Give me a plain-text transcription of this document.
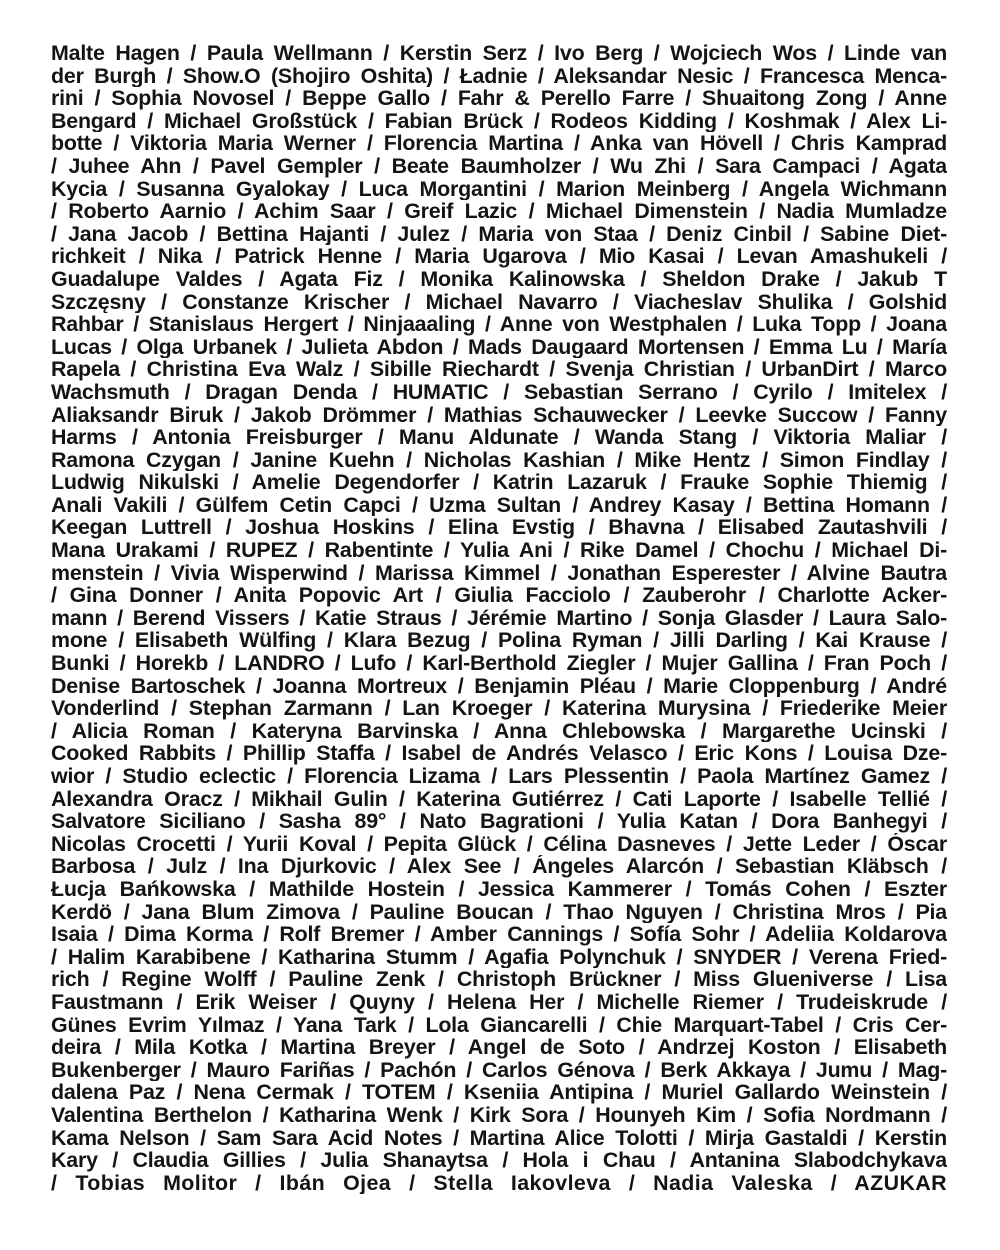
Malte Hagen / Paula Wellmann / Kerstin Serz / Ivo Berg / Wojciech Wos / Linde van
der Burgh / Show.O (Shojiro Oshita) / Ładnie / Aleksandar Nesic / Francesca Menca-
rini / Sophia Novosel / Beppe Gallo / Fahr & Perello Farre / Shuaitong Zong / Anne
Bengard / Michael Großstück / Fabian Brück / Rodeos Kidding / Koshmak / Alex Li-
botte / Viktoria Maria Werner / Florencia Martina / Anka van Hövell / Chris Kamprad
/ Juhee Ahn / Pavel Gempler / Beate Baumholzer / Wu Zhi / Sara Campaci / Agata
Kycia / Susanna Gyalokay / Luca Morgantini / Marion Meinberg / Angela Wichmann
/ Roberto Aarnio / Achim Saar / Greif Lazic / Michael Dimenstein / Nadia Mumladze
/ Jana Jacob / Bettina Hajanti / Julez / Maria von Staa / Deniz Cinbil / Sabine Diet-
richkeit / Nika / Patrick Henne / Maria Ugarova / Mio Kasai / Levan Amashukeli /
Guadalupe Valdes / Agata Fiz / Monika Kalinowska / Sheldon Drake / Jakub T
Szczęsny / Constanze Krischer / Michael Navarro / Viacheslav Shulika / Golshid
Rahbar / Stanislaus Hergert / Ninjaaaling / Anne von Westphalen / Luka Topp / Joana
Lucas / Olga Urbanek / Julieta Abdon / Mads Daugaard Mortensen / Emma Lu / María
Rapela / Christina Eva Walz / Sibille Riechardt / Svenja Christian / UrbanDirt / Marco
Wachsmuth / Dragan Denda / HUMATIC / Sebastian Serrano / Cyrilo / Imitelex /
Aliaksandr Biruk / Jakob Drömmer / Mathias Schauwecker / Leevke Succow / Fanny
Harms / Antonia Freisburger / Manu Aldunate / Wanda Stang / Viktoria Maliar /
Ramona Czygan / Janine Kuehn / Nicholas Kashian / Mike Hentz / Simon Findlay /
Ludwig Nikulski / Amelie Degendorfer / Katrin Lazaruk / Frauke Sophie Thiemig /
Anali Vakili / Gülfem Cetin Capci / Uzma Sultan / Andrey Kasay / Bettina Homann /
Keegan Luttrell / Joshua Hoskins / Elina Evstig / Bhavna / Elisabed Zautashvili /
Mana Urakami / RUPEZ / Rabentinte / Yulia Ani / Rike Damel / Chochu / Michael Di-
menstein / Vivia Wisperwind / Marissa Kimmel / Jonathan Esperester / Alvine Bautra
/ Gina Donner / Anita Popovic Art / Giulia Facciolo / Zauberohr / Charlotte Acker-
mann / Berend Vissers / Katie Straus / Jérémie Martino / Sonja Glasder / Laura Salo-
mone / Elisabeth Wülfing / Klara Bezug / Polina Ryman / Jilli Darling / Kai Krause /
Bunki / Horekb / LANDRO / Lufo / Karl-Berthold Ziegler / Mujer Gallina / Fran Poch /
Denise Bartoschek / Joanna Mortreux / Benjamin Pléau / Marie Cloppenburg / André
Vonderlind / Stephan Zarmann / Lan Kroeger / Katerina Murysina / Friederike Meier
/ Alicia Roman / Kateryna Barvinska / Anna Chlebowska / Margarethe Ucinski /
Cooked Rabbits / Phillip Staffa / Isabel de Andrés Velasco / Eric Kons / Louisa Dze-
wior / Studio eclectic / Florencia Lizama / Lars Plessentin / Paola Martínez Gamez /
Alexandra Oracz / Mikhail Gulin / Katerina Gutiérrez / Cati Laporte / Isabelle Tellié /
Salvatore Siciliano / Sasha 89° / Nato Bagrationi / Yulia Katan / Dora Banhegyi /
Nicolas Crocetti / Yurii Koval / Pepita Glück / Célina Dasneves / Jette Leder / Óscar
Barbosa / Julz / Ina Djurkovic / Alex See / Ángeles Alarcón / Sebastian Kläbsch /
Łucja Bańkowska / Mathilde Hostein / Jessica Kammerer / Tomás Cohen / Eszter
Kerdö / Jana Blum Zimova / Pauline Boucan / Thao Nguyen / Christina Mros / Pia
Isaia / Dima Korma / Rolf Bremer / Amber Cannings / Sofía Sohr / Adeliia Koldarova
/ Halim Karabibene / Katharina Stumm / Agafia Polynchuk / SNYDER / Verena Fried-
rich / Regine Wolff / Pauline Zenk / Christoph Brückner / Miss Glueniverse / Lisa
Faustmann / Erik Weiser / Quyny / Helena Her / Michelle Riemer / Trudeiskrude /
Günes Evrim Yılmaz / Yana Tark / Lola Giancarelli / Chie Marquart-Tabel / Cris Cer-
deira / Mila Kotka / Martina Breyer / Angel de Soto / Andrzej Koston / Elisabeth
Bukenberger / Mauro Fariñas / Pachón / Carlos Génova / Berk Akkaya / Jumu / Mag-
dalena Paz / Nena Cermak / TOTEM / Kseniia Antipina / Muriel Gallardo Weinstein /
Valentina Berthelon / Katharina Wenk / Kirk Sora / Hounyeh Kim / Sofia Nordmann /
Kama Nelson / Sam Sara Acid Notes / Martina Alice Tolotti / Mirja Gastaldi / Kerstin
Kary / Claudia Gillies / Julia Shanaytsa / Hola i Chau / Antanina Slabodchykava
/ Tobias Molitor / Ibán Ojea / Stella Iakovleva / Nadia Valeska / AZUKAR
